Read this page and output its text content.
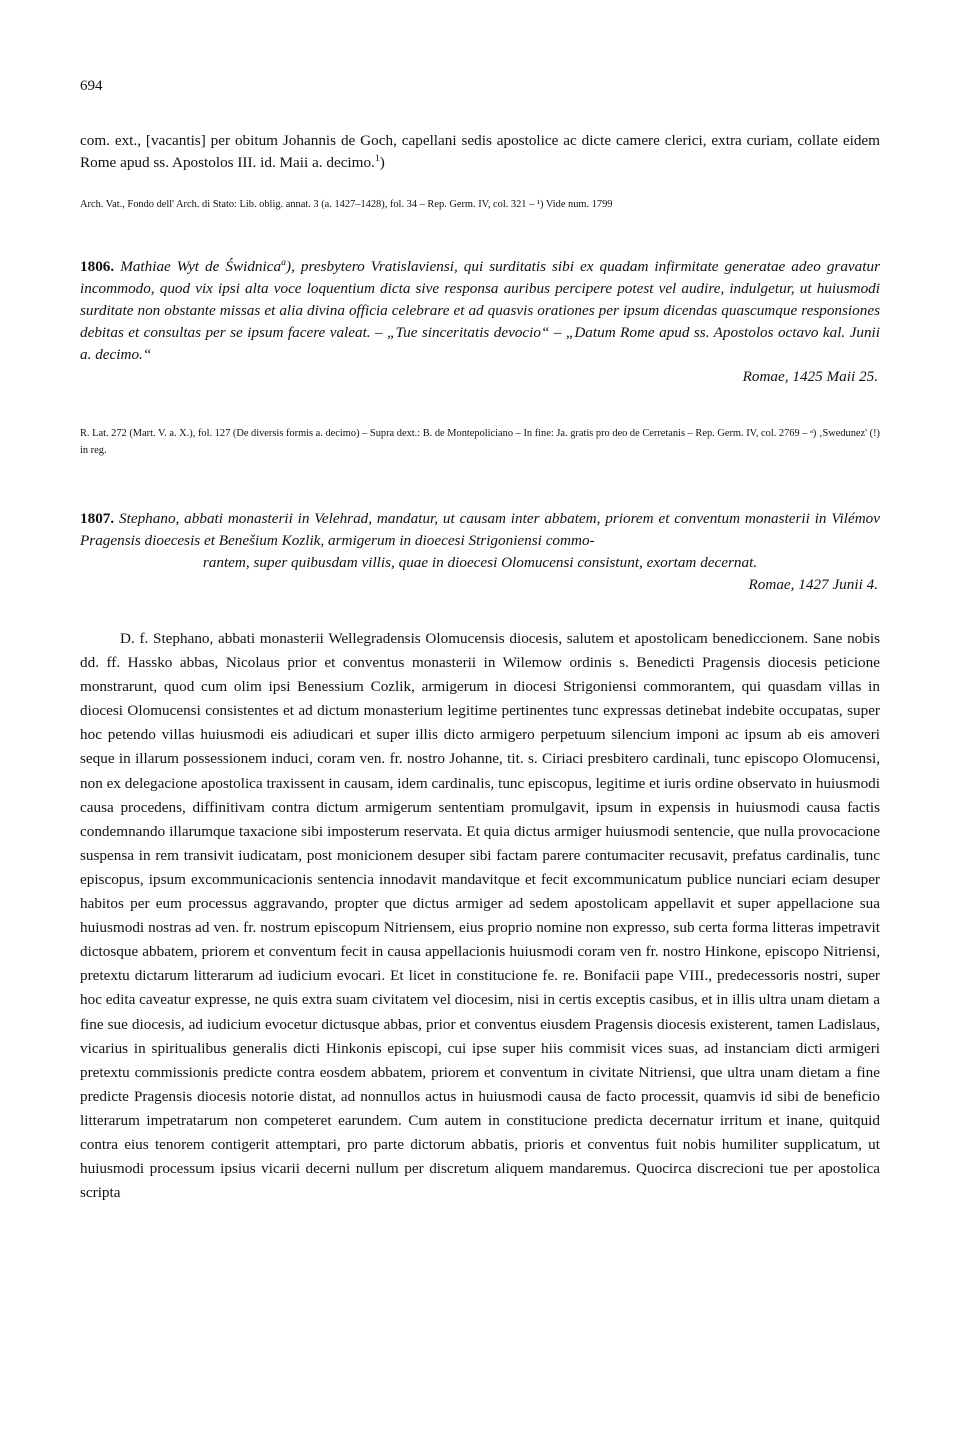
694

com. ext., [vacantis] per obitum Johannis de Goch, capellani sedis apostolice ac dicte camere clerici, extra curiam, collate eidem Rome apud ss. Apostolos III. id. Maii a. decimo.$^1$)

Arch. Vat., Fondo dell' Arch. di Stato: Lib. oblig. annat. 3 (a. 1427–1428), fol. 34 – Rep. Germ. IV, col. 321 – ¹) Vide num. 1799

1806. Mathiae Wyt de Świdnica$^a$), presbytero Vratislaviensi, qui surditatis sibi ex quadam infirmitate generatae adeo gravatur incommodo, quod vix ipsi alta voce loquentium dicta sive responsa auribus percipere potest vel audire, indulgetur, ut huiusmodi surditate non obstante missas et alia divina officia celebrare et ad quasvis orationes per ipsum dicendas quascumque responsiones debitas et consultas per se ipsum facere valeat. – „Tue sinceritatis devocio“ – „Datum Rome apud ss. Apostolos octavo kal. Junii a. decimo.“

Romae, 1425 Maii 25.

R. Lat. 272 (Mart. V. a. X.), fol. 127 (De diversis formis a. decimo) – Supra dext.: B. de Montepoliciano – In fine: Ja. gratis pro deo de Cerretanis – Rep. Germ. IV, col. 2769 – ᵃ) ‚Swedunez' (!) in reg.

1807. Stephano, abbati monasterii in Velehrad, mandatur, ut causam inter abbatem, priorem et conventum monasterii in Vilémov Pragensis dioecesis et Benešium Kozlik, armigerum in dioecesi Strigoniensi commo-

rantem, super quibusdam villis, quae in dioecesi Olomucensi consistunt, exortam decernat.

Romae, 1427 Junii 4.

D. f. Stephano, abbati monasterii Wellegradensis Olomucensis diocesis, salutem et apostolicam benediccionem. Sane nobis dd. ff. Hassko abbas, Nicolaus prior et conventus monasterii in Wilemow ordinis s. Benedicti Pragensis diocesis peticione monstrarunt, quod cum olim ipsi Benessium Cozlik, armigerum in diocesi Strigoniensi commorantem, qui quasdam villas in diocesi Olomucensi consistentes et ad dictum monasterium legitime pertinentes tunc expressas detinebat indebite occupatas, super hoc petendo villas huiusmodi eis adiudicari et super illis dicto armigero perpetuum silencium imponi ac ipsum ab eis amoveri seque in illarum possessionem induci, coram ven. fr. nostro Johanne, tit. s. Ciriaci presbitero cardinali, tunc episcopo Olomucensi, non ex delegacione apostolica traxissent in causam, idem cardinalis, tunc episcopus, legitime et iuris ordine observato in huiusmodi causa procedens, diffinitivam contra dictum armigerum sententiam promulgavit, ipsum in expensis in huiusmodi causa factis condemnando illarumque taxacione sibi imposterum reservata. Et quia dictus armiger huiusmodi sentencie, que nulla provocacione suspensa in rem transivit iudicatam, post monicionem desuper sibi factam parere contumaciter recusavit, prefatus cardinalis, tunc episcopus, ipsum excommunicacionis sentencia innodavit mandavitque et fecit excommunicatum publice nunciari eciam desuper habitos per eum processus aggravando, propter que dictus armiger ad sedem apostolicam appellavit et super appellacione sua huiusmodi nostras ad ven. fr. nostrum episcopum Nitriensem, eius proprio nomine non expresso, sub certa forma litteras impetravit dictosque abbatem, priorem et conventum fecit in causa appellacionis huiusmodi coram ven fr. nostro Hinkone, episcopo Nitriensi, pretextu dictarum litterarum ad iudicium evocari. Et licet in constitucione fe. re. Bonifacii pape VIII., predecessoris nostri, super hoc edita caveatur expresse, ne quis extra suam civitatem vel diocesim, nisi in certis exceptis casibus, et in illis ultra unam dietam a fine sue diocesis, ad iudicium evocetur dictusque abbas, prior et conventus eiusdem Pragensis diocesis existerent, tamen Ladislaus, vicarius in spiritualibus generalis dicti Hinkonis episcopi, cui ipse super hiis commisit vices suas, ad instanciam dicti armigeri pretextu commissionis predicte contra eosdem abbatem, priorem et conventum in civitate Nitriensi, que ultra unam dietam a fine predicte Pragensis diocesis notorie distat, ad nonnullos actus in huiusmodi causa de facto processit, quamvis id sibi de beneficio litterarum impetratarum non competeret earundem. Cum autem in constitucione predicta decernatur irritum et inane, quitquid contra eius tenorem contigerit attemptari, pro parte dictorum abbatis, prioris et conventus fuit nobis humiliter supplicatum, ut huiusmodi processum ipsius vicarii decerni nullum per discretum aliquem mandaremus. Quocirca discrecioni tue per apostolica scripta
